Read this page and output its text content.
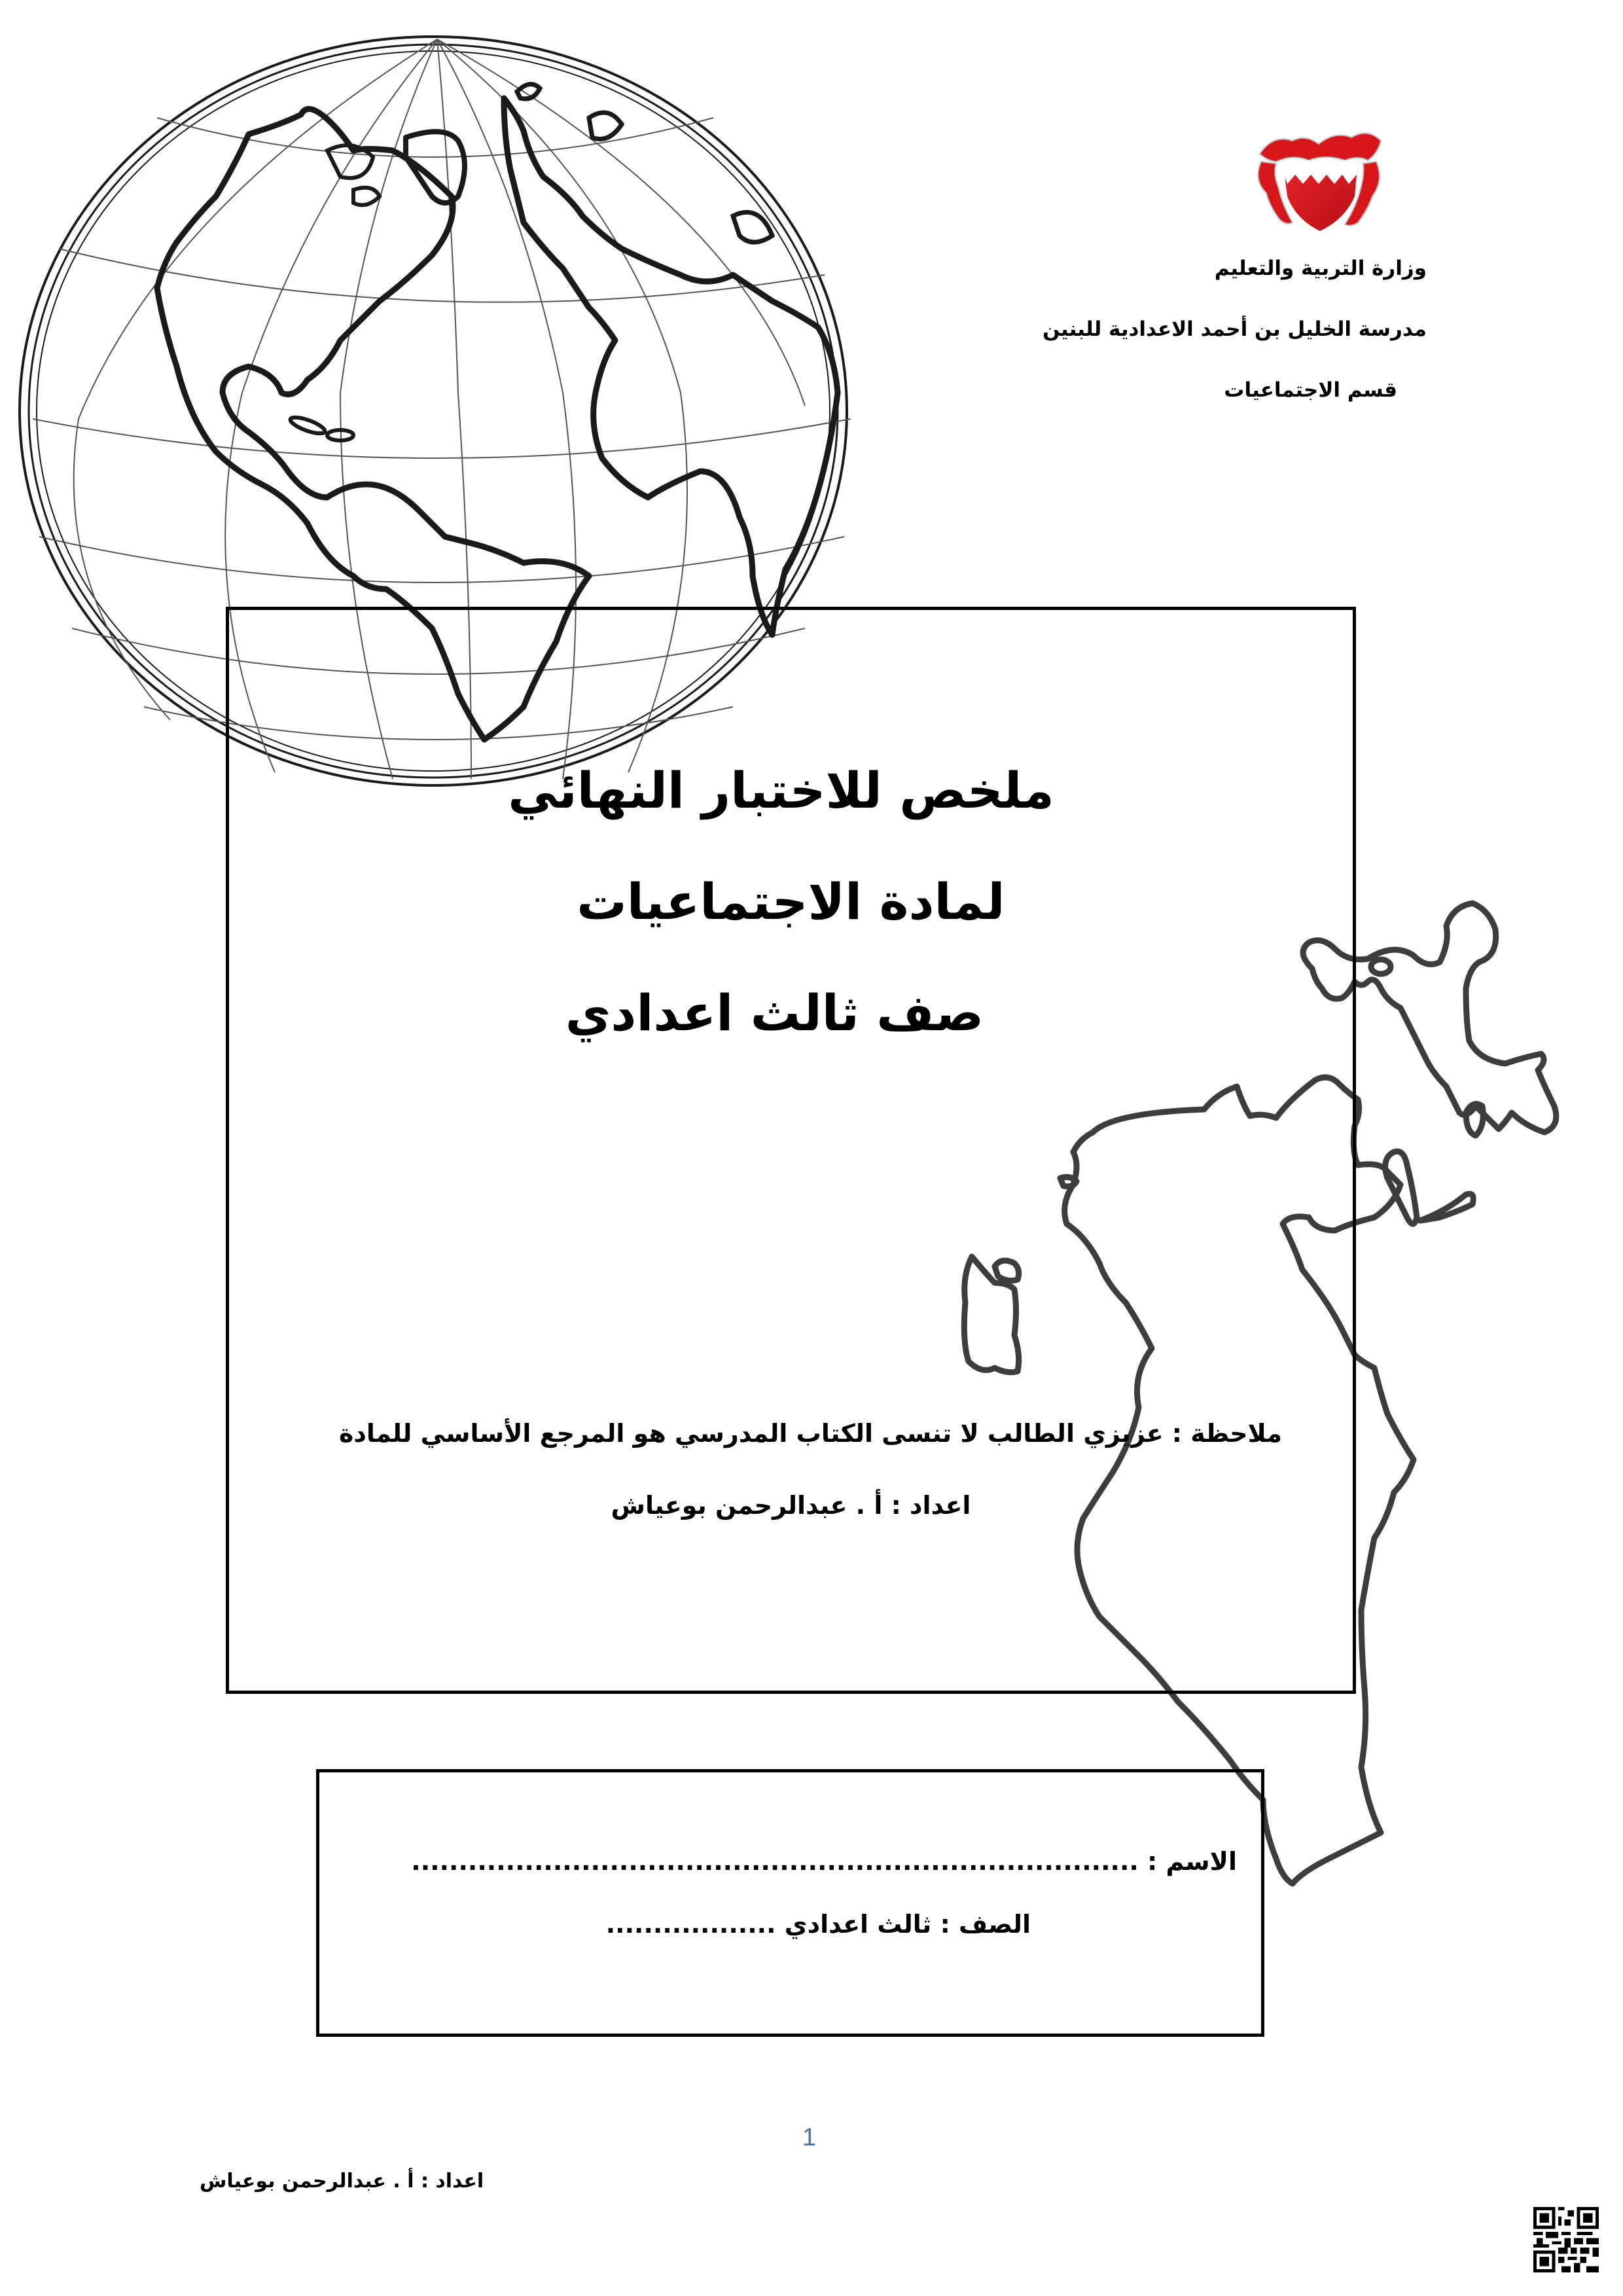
وزارة التربية والتعليم
مدرسة الخليل بن أحمد الاعدادية للبنين
قسم الاجتماعيات
ملخص للاختبار النهائي
لمادة الاجتماعيات
صف ثالث اعدادي
ملاحظة : عزيزي الطالب لا تنسى الكتاب المدرسي هو المرجع الأساسي للمادة
اعداد : أ . عبدالرحمن بوعياش
الاسم : .............................................................................
الصف : ثالث اعدادي ..................
1
اعداد : أ . عبدالرحمن بوعياش
